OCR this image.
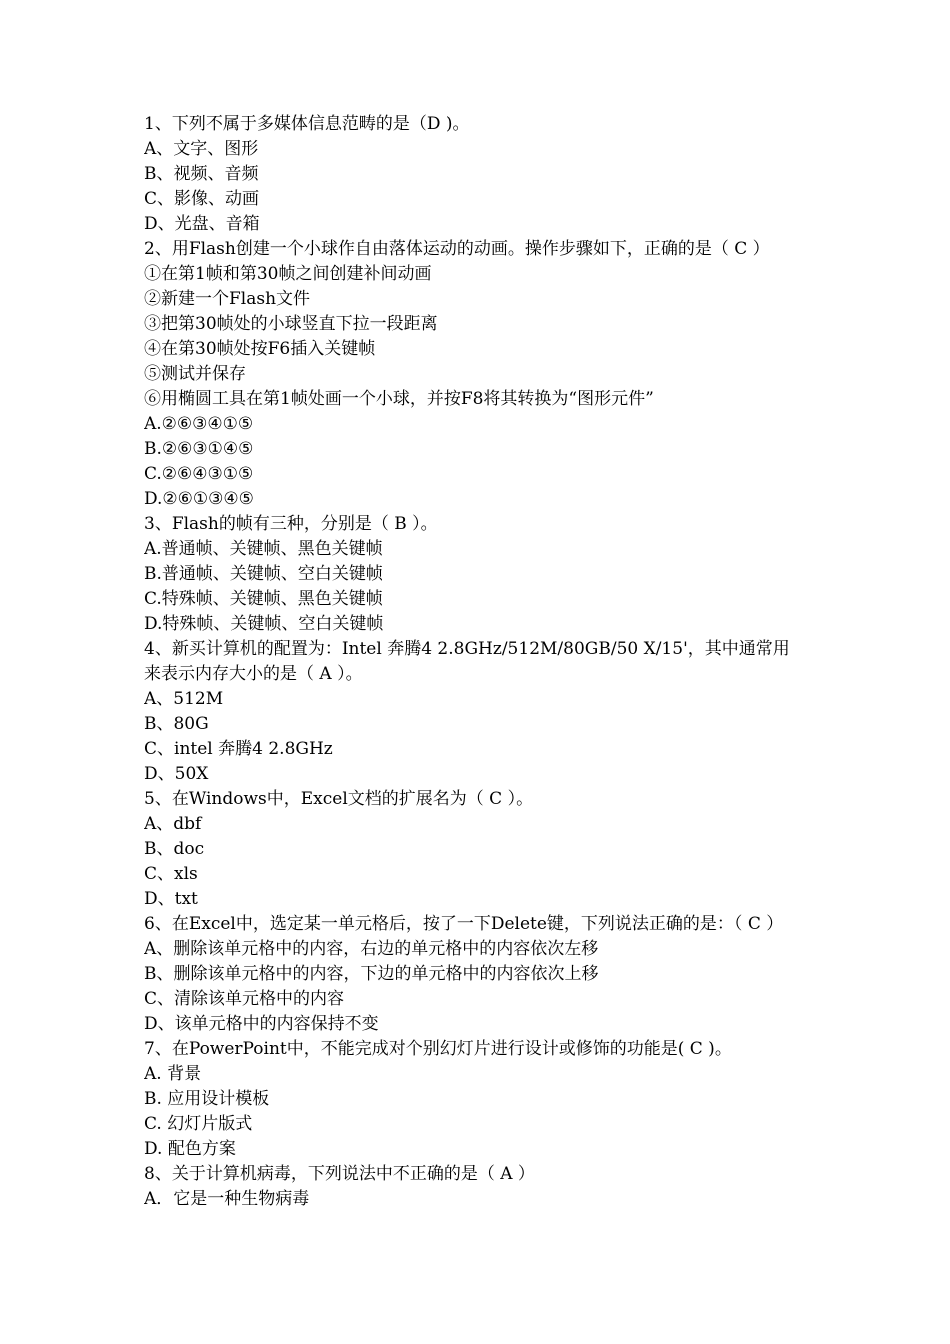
1、下列不属于多媒体信息范畴的是（D )。
A、文字、图形
B、视频、音频
C、影像、动画
D、光盘、音箱
2、用Flash创建一个小球作自由落体运动的动画。操作步骤如下，正确的是（ C ）
①在第1帧和第30帧之间创建补间动画
②新建一个Flash文件
③把第30帧处的小球竖直下拉一段距离
④在第30帧处按F6插入关键帧
⑤测试并保存
⑥用椭圆工具在第1帧处画一个小球，并按F8将其转换为“图形元件”
A.②⑥③④①⑤
B.②⑥③①④⑤
C.②⑥④③①⑤
D.②⑥①③④⑤
3、Flash的帧有三种，分别是（ B ）。
A.普通帧、关键帧、黑色关键帧
B.普通帧、关键帧、空白关键帧
C.特殊帧、关键帧、黑色关键帧
D.特殊帧、关键帧、空白关键帧
4、新买计算机的配置为：Intel 奔腾4 2.8GHz/512M/80GB/50 X/15'，其中通常用
来表示内存大小的是（ A ）。
A、512M
B、80G
C、intel 奔腾4 2.8GHz
D、50X
5、在Windows中，Excel文档的扩展名为（ C ）。
A、dbf
B、doc
C、xls
D、txt
6、在Excel中，选定某一单元格后，按了一下Delete键，下列说法正确的是：（ C ）
A、删除该单元格中的内容，右边的单元格中的内容依次左移
B、删除该单元格中的内容，下边的单元格中的内容依次上移
C、清除该单元格中的内容
D、该单元格中的内容保持不变
7、在PowerPoint中，不能完成对个别幻灯片进行设计或修饰的功能是( C )。
A. 背景
B. 应用设计模板
C. 幻灯片版式
D. 配色方案
8、关于计算机病毒，下列说法中不正确的是（ A ）
A．它是一种生物病毒
